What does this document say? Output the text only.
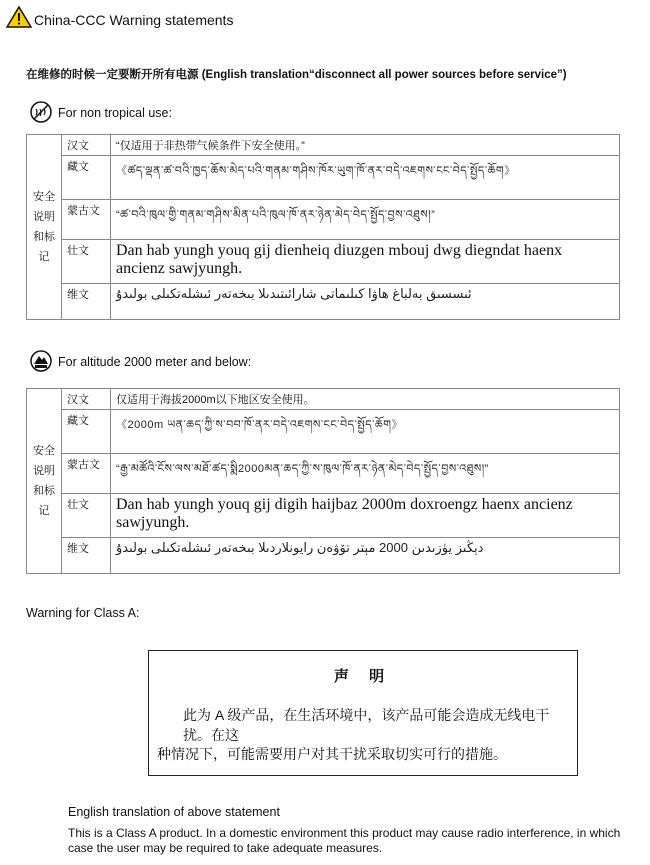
China-CCC Warning statements
在维修的时候一定要断开所有电源 (English translation“disconnect all power sources before service”)
For non tropical use:
安全
说明
和标
记	汉文	“仅适用于非热带气候条件下安全使用。”
	藏文	《ཚད་ལྡན་ཚ་བའི་ཁྱད་ཆོས་མེད་པའི་གནམ་གཤིས་ཁོར་ཡུག་ཁོ་ནར་བདེ་འཇགས་ངང་བེད་སྤྱོད་ཆོག》
	蒙古文	“ཚ་བའི་ཁུལ་གྱི་གནམ་གཤིས་མིན་པའི་ཁུལ་ཁོ་ནར་ཉེན་མེད་བེད་སྤྱོད་བྱས་འཐུས།”
	壮文	Dan hab yungh youq gij dienheiq diuzgen mbouj dwg diegndat haenx ancienz sawjyungh.
	维文	ئىسسىق بەلباغ ھاۋا كىلىماتى شارائىتىدىلا بىخەتەر ئىشلەتكىلى بولىدۇ
For altitude 2000 meter and below:
安全
说明
和标
记	汉文	仅适用于海拔2000m以下地区安全使用。
	藏文	《2000m ཡན་ཆད་ཀྱི་ས་བབ་ཁོ་ནར་བདེ་འཇགས་ངང་བེད་སྤྱོད་ཆོག》
	蒙古文	“རྒྱ་མཚོའི་ངོས་ལས་མཐོ་ཚད་སྨི2000མན་ཆད་ཀྱི་ས་ཁུལ་ཁོ་ནར་ཉེན་མེད་བེད་སྤྱོད་བྱས་འཐུས།”
	壮文	Dan hab yungh youq gij digih haijbaz 2000m doxroengz haenx ancienz sawjyungh.
	维文	دېڭىز يۈزىدىن 2000 مېتر تۆۋەن رايونلاردىلا بىخەتەر ئىشلەتكىلى بولىدۇ
Warning for Class A:
声 明
此为 A 级产品，在生活环境中，该产品可能会造成无线电干扰。在这
种情况下，可能需要用户对其干扰采取切实可行的措施。
English translation of above statement
This is a Class A product. In a domestic environment this product may cause radio interference, in which case the user may be required to take adequate measures.
